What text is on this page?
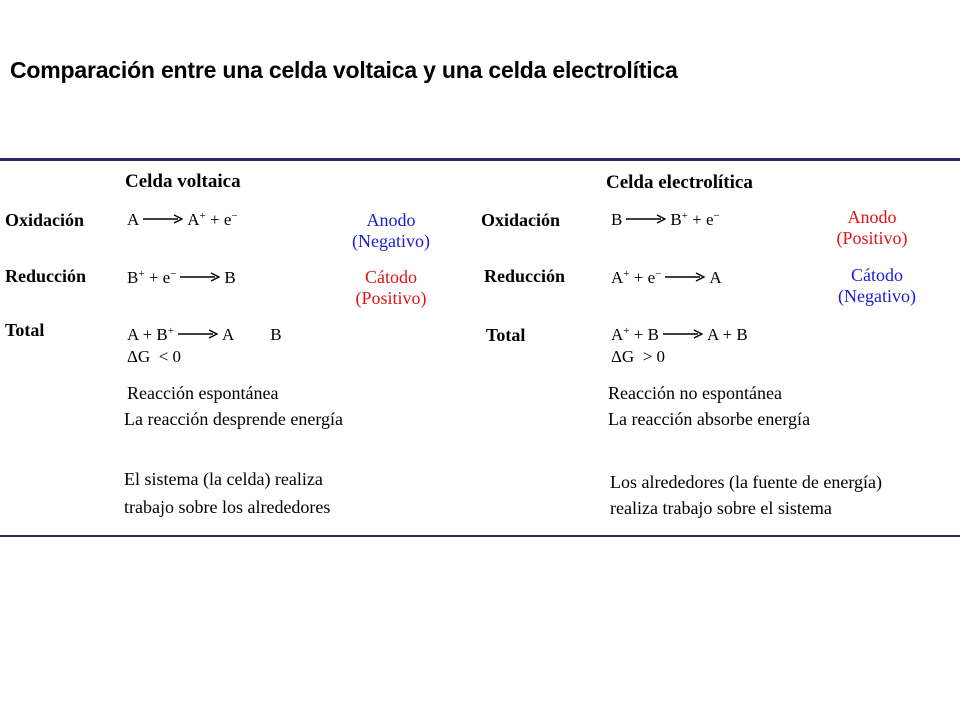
Comparación entre una celda voltaica y una celda electrolítica
Celda voltaica
Oxidación	A → A+ + e−	Anodo
(Negativo)
Reducción B+ + e− → B	Cátodo
(Positivo)
Total	A + B+ → A B
ΔG  < 0
Reacción espontánea
La reacción desprende energía
El sistema (la celda) realiza
trabajo sobre los alrededores
Celda electrolítica
Oxidación	B → B+ + e−	Anodo
(Positivo)
Reducción	A+ + e− → A	Cátodo
(Negativo)
Total	A+ + B → A + B
ΔG  > 0
Reacción no espontánea
La reacción absorbe energía
Los alrededores (la fuente de energía)
realiza trabajo sobre el sistema
